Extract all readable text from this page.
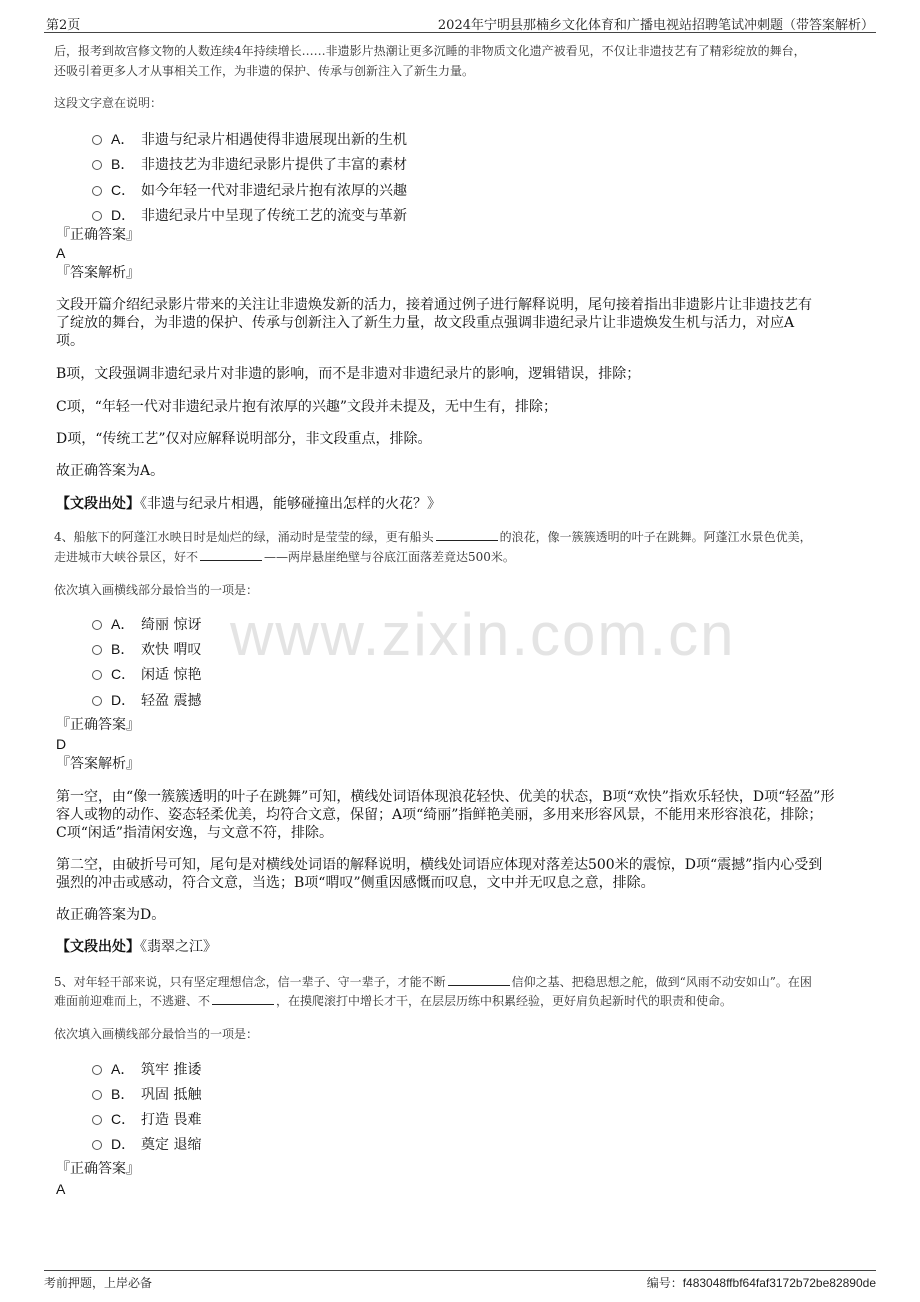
第2页	2024年宁明县那楠乡文化体育和广播电视站招聘笔试冲刺题（带答案解析）
www.zixin.com.cn
后，报考到故宫修文物的人数连续4年持续增长……非遗影片热潮让更多沉睡的非物质文化遗产被看见，不仅让非遗技艺有了精彩绽放的舞台，
还吸引着更多人才从事相关工作，为非遗的保护、传承与创新注入了新生力量。
这段文字意在说明：
A． 非遗与纪录片相遇使得非遗展现出新的生机
B． 非遗技艺为非遗纪录影片提供了丰富的素材
C． 如今年轻一代对非遗纪录片抱有浓厚的兴趣
D． 非遗纪录片中呈现了传统工艺的流变与革新
『正确答案』
A
『答案解析』
文段开篇介绍纪录影片带来的关注让非遗焕发新的活力，接着通过例子进行解释说明，尾句接着指出非遗影片让非遗技艺有
了绽放的舞台，为非遗的保护、传承与创新注入了新生力量，故文段重点强调非遗纪录片让非遗焕发生机与活力，对应A
项。
B项，文段强调非遗纪录片对非遗的影响，而不是非遗对非遗纪录片的影响，逻辑错误，排除；
C项，“年轻一代对非遗纪录片抱有浓厚的兴趣”文段并未提及，无中生有，排除；
D项，“传统工艺”仅对应解释说明部分，非文段重点，排除。
故正确答案为A。
【文段出处】《非遗与纪录片相遇，能够碰撞出怎样的火花？》
4、船舷下的阿蓬江水映日时是灿烂的绿，涌动时是莹莹的绿，更有船头	的浪花，像一簇簇透明的叶子在跳舞。阿蓬江水景色优美，
走进城市大峡谷景区，好不	——两岸悬崖绝壁与谷底江面落差竟达500米。
依次填入画横线部分最恰当的一项是：
A． 绮丽 惊讶
B． 欢快 喟叹
C． 闲适 惊艳
D． 轻盈 震撼
『正确答案』
D
『答案解析』
第一空，由“像一簇簇透明的叶子在跳舞”可知，横线处词语体现浪花轻快、优美的状态，B项“欢快”指欢乐轻快，D项“轻盈”形
容人或物的动作、姿态轻柔优美，均符合文意，保留；A项“绮丽”指鲜艳美丽，多用来形容风景，不能用来形容浪花，排除；
C项“闲适”指清闲安逸，与文意不符，排除。
第二空，由破折号可知，尾句是对横线处词语的解释说明，横线处词语应体现对落差达500米的震惊，D项“震撼”指内心受到
强烈的冲击或感动，符合文意，当选；B项“喟叹”侧重因感慨而叹息，文中并无叹息之意，排除。
故正确答案为D。
【文段出处】《翡翠之江》
5、对年轻干部来说，只有坚定理想信念，信一辈子、守一辈子，才能不断	信仰之基、把稳思想之舵，做到“风雨不动安如山”。在困
难面前迎难而上，不逃避、不	，在摸爬滚打中增长才干，在层层历练中积累经验，更好肩负起新时代的职责和使命。
依次填入画横线部分最恰当的一项是：
A． 筑牢 推诿
B． 巩固 抵触
C． 打造 畏难
D． 奠定 退缩
『正确答案』
A
考前押题，上岸必备	编号：f483048ffbf64faf3172b72be82890de
